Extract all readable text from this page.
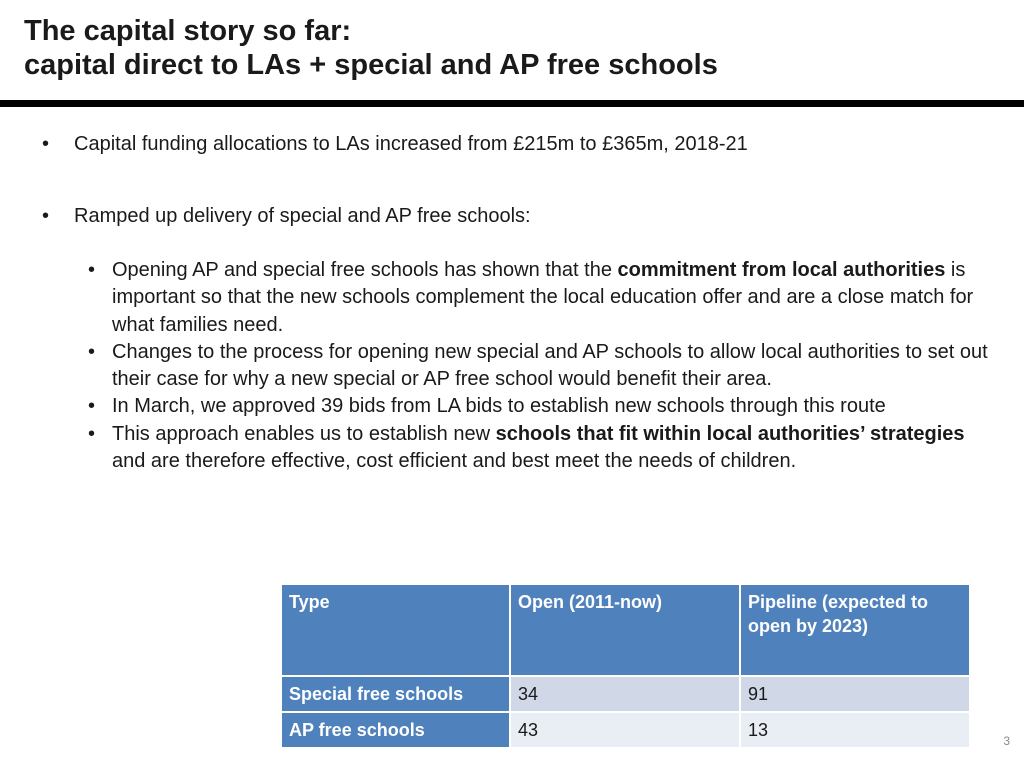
The capital story so far:
capital direct to LAs + special and AP free schools
•	Capital funding allocations to LAs increased from £215m to £365m, 2018-21
•	Ramped up delivery of special and AP free schools:
• Opening AP and special free schools has shown that the commitment from local authorities is important so that the new schools complement the local education offer and are a close match for what families need.
• Changes to the process for opening new special and AP schools to allow local authorities to set out their case for why a new special or AP free school would benefit their area.
• In March, we approved 39 bids from LA bids to establish new schools through this route
• This approach enables us to establish new schools that fit within local authorities’ strategies and are therefore effective, cost efficient and best meet the needs of children.
Type	Open (2011-now)	Pipeline (expected to open by 2023)
Special free schools	34	91
AP free schools	43	13
3
